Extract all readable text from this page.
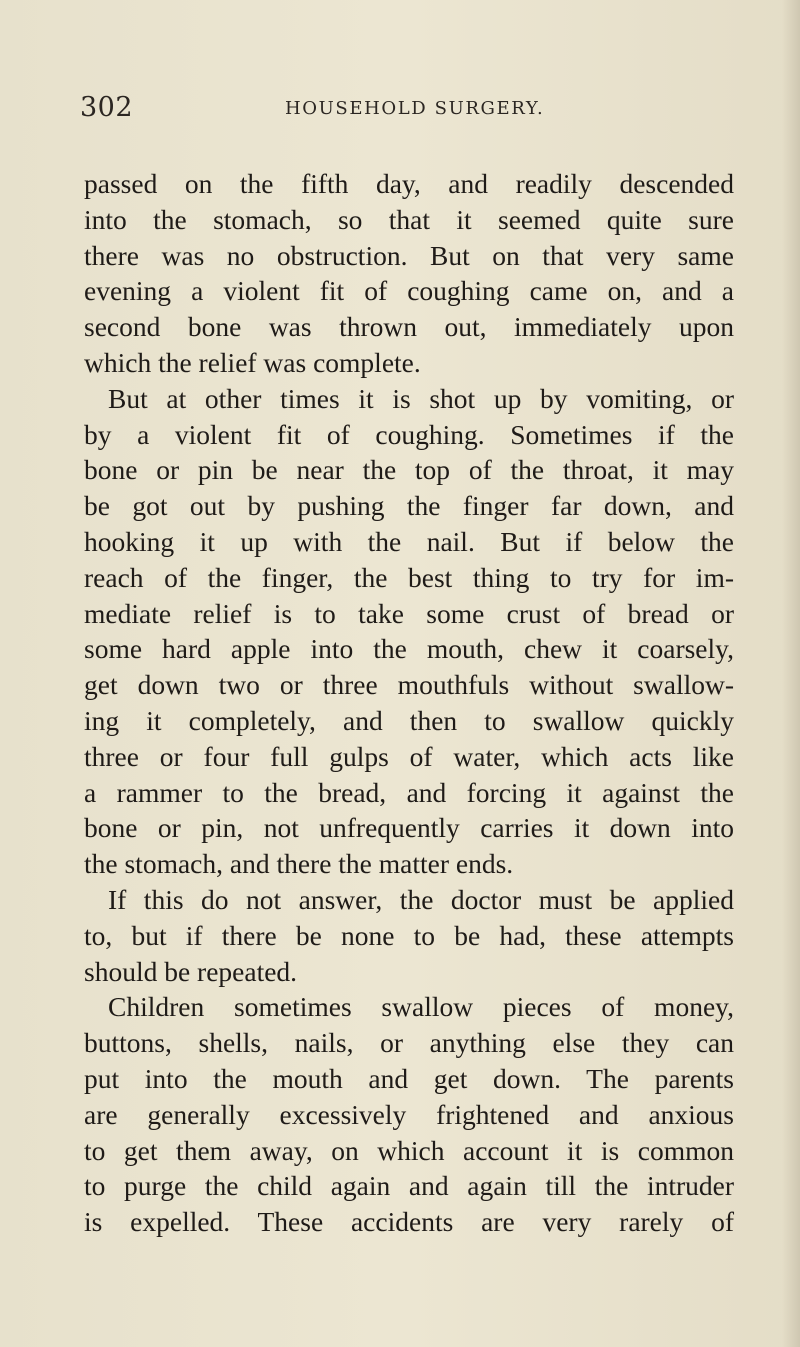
302	HOUSEHOLD SURGERY.
passed on the fifth day, and readily descended
into the stomach, so that it seemed quite sure
there was no obstruction. But on that very same
evening a violent fit of coughing came on, and a
second bone was thrown out, immediately upon
which the relief was complete.
But at other times it is shot up by vomiting, or
by a violent fit of coughing. Sometimes if the
bone or pin be near the top of the throat, it may
be got out by pushing the finger far down, and
hooking it up with the nail. But if below the
reach of the finger, the best thing to try for im-
mediate relief is to take some crust of bread or
some hard apple into the mouth, chew it coarsely,
get down two or three mouthfuls without swallow-
ing it completely, and then to swallow quickly
three or four full gulps of water, which acts like
a rammer to the bread, and forcing it against the
bone or pin, not unfrequently carries it down into
the stomach, and there the matter ends.
If this do not answer, the doctor must be applied
to, but if there be none to be had, these attempts
should be repeated.
Children sometimes swallow pieces of money,
buttons, shells, nails, or anything else they can
put into the mouth and get down. The parents
are generally excessively frightened and anxious
to get them away, on which account it is common
to purge the child again and again till the intruder
is expelled. These accidents are very rarely of
